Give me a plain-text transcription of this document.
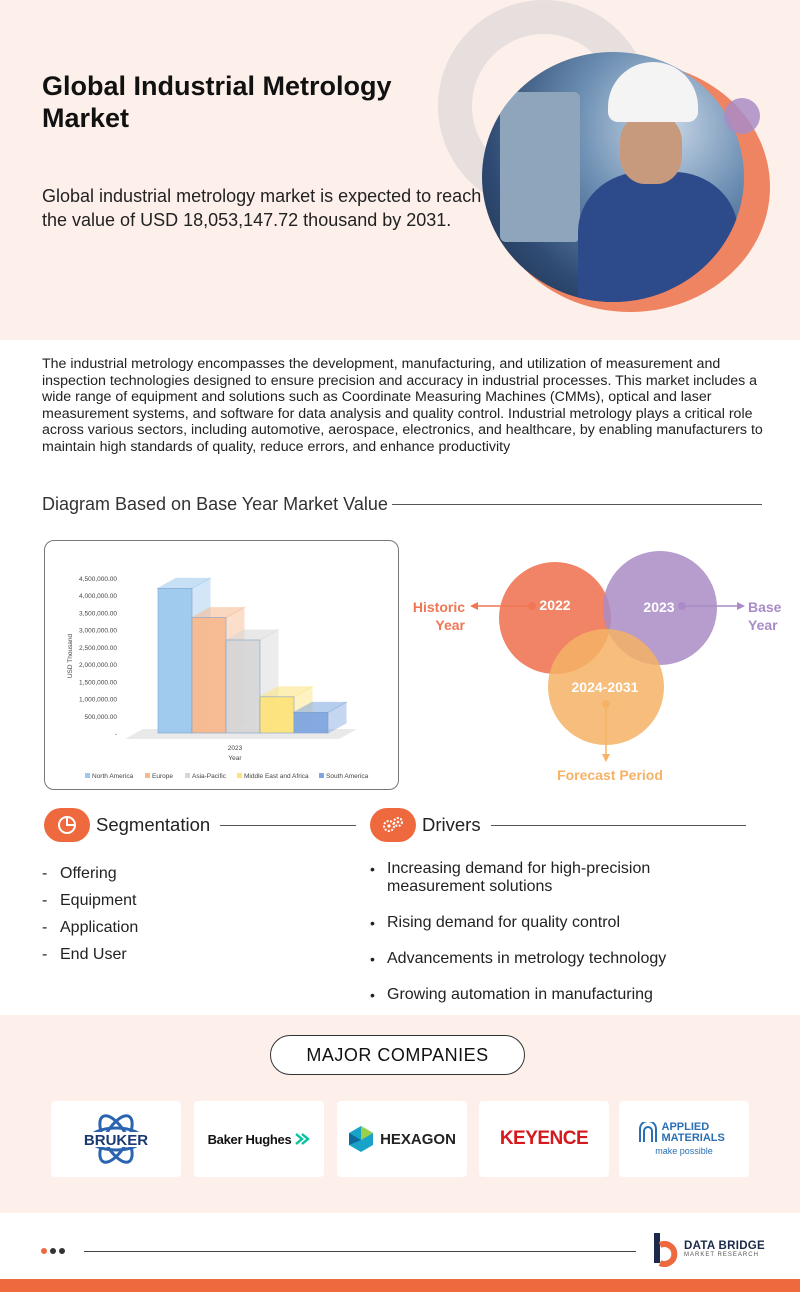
Global Industrial Metrology Market

Global industrial metrology market is expected to reach the value of USD 18,053,147.72 thousand by 2031.

The industrial metrology encompasses the development, manufacturing, and utilization of measurement and inspection technologies designed to ensure precision and accuracy in industrial processes. This market includes a wide range of equipment and solutions such as Coordinate Measuring Machines (CMMs), optical and laser measurement systems, and software for data analysis and quality control. Industrial metrology plays a critical role across various sectors, including automotive, aerospace, electronics, and healthcare, by enabling manufacturers to maintain high standards of quality, reduce errors, and enhance productivity

Diagram Based on Base Year Market Value
-
500,000.00
1,000,000.00
1,500,000.00
2,000,000.00
2,500,000.00
3,000,000.00
3,500,000.00
4,000,000.00
4,500,000.00
USD Thousand
2023
Year
North America	Europe	Asia-Pacific	Middle East and Africa	South America
2022	2023
2024-2031
Historic
Year
Base
Year
Forecast Period
Segmentation	Drivers
- Offering
- Equipment
- Application
- End User
• Increasing demand for high-precision measurement solutions
• Rising demand for quality control
• Advancements in metrology technology
• Growing automation in manufacturing
MAJOR COMPANIES
BRUKER	Baker Hughes	HEXAGON KEYENCE
APPLIED MATERIALS
make possible
DATA BRIDGE
MARKET RESEARCH
